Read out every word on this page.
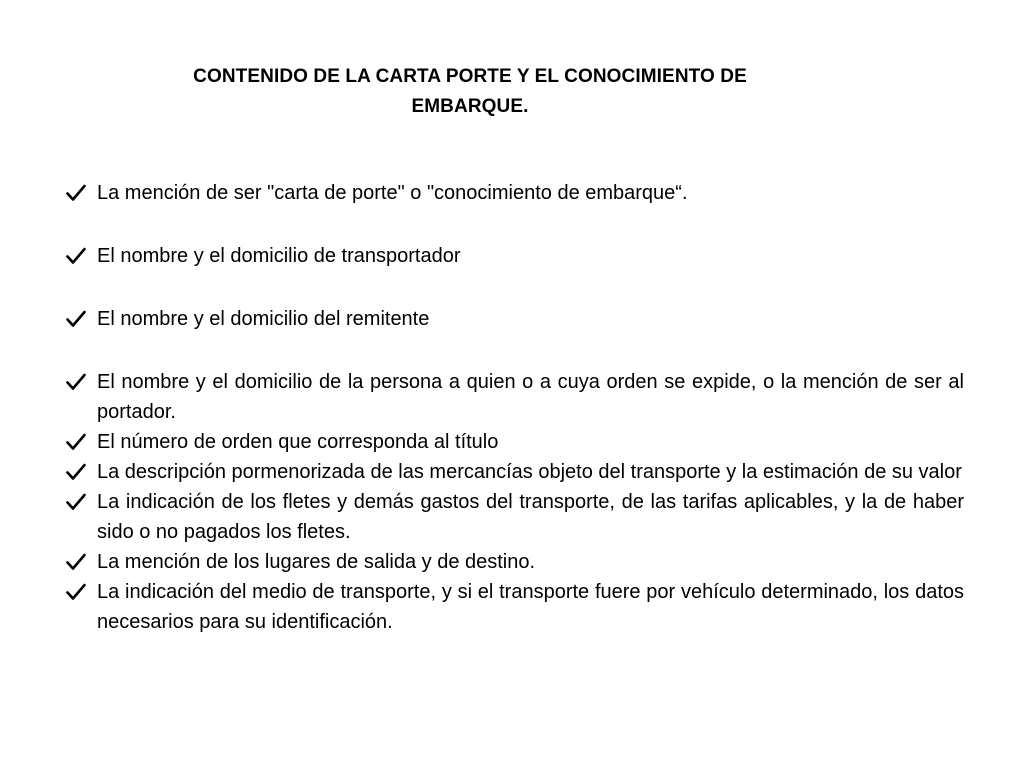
CONTENIDO DE LA CARTA PORTE Y EL CONOCIMIENTO DE EMBARQUE.
La mención de ser "carta de porte" o "conocimiento de embarque“.
El nombre y el domicilio de transportador
El nombre y el domicilio del remitente
El nombre y el domicilio de la persona a quien o a cuya orden se expide, o la mención de ser al portador.
El número de orden que corresponda al título
La descripción pormenorizada de las mercancías objeto del transporte y la estimación de su valor
La indicación de los fletes y demás gastos del transporte, de las tarifas aplicables, y la de haber sido o no pagados los fletes.
La mención de los lugares de salida y de destino.
La indicación del medio de transporte, y si el transporte fuere por vehículo determinado, los datos necesarios para su identificación.
